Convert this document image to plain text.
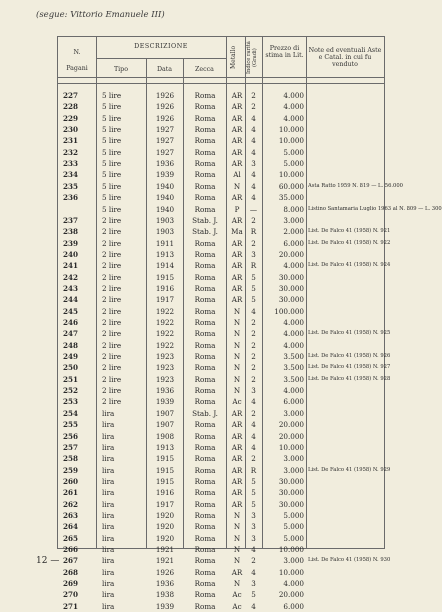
(segue: Vittorio Emanuele III)
N.
Pagani
DESCRIZIONE
Tipo	Data	Zecca
Metallo	Indice rarità (Gradi)	Prezzo di stima in Lit.
Note ed eventuali Aste e Catal. in cui fu venduto
227	5 lire	1926	Roma	AR	2	4.000
228	5 lire	1926	Roma	AR	2	4.000
229	5 lire	1926	Roma	AR	4	4.000
230	5 lire	1927	Roma	AR	4	10.000
231	5 lire	1927	Roma	AR	4	10.000
232	5 lire	1927	Roma	AR	4	5.000
233	5 lire	1936	Roma	AR	3	5.000
234	5 lire	1939	Roma	Al	4	10.000
235	5 lire	1940	Roma	N	4	60.000 Asta Ratto 1959 N. 819 — L. 56.000
236	5 lire	1940	Roma	AR	4	35.000
5 lire	1940	Roma	P	—	8.000 Listino Santamaria Luglio 1963 al N. 809 — L. 300
237	2 lire	1903	Stab. J.	AR	2	3.000
238	2 lire	1903	Stab. J.	Ma	R	2.000 List. De Falco 41 (1958) N. 921
239	2 lire	1911	Roma	AR	2	6.000 List. De Falco 41 (1958) N. 922
240	2 lire	1913	Roma	AR	3	20.000
241	2 lire	1914	Roma	AR	R	4.000 List. De Falco 41 (1958) N. 924
242	2 lire	1915	Roma	AR	5	30.000
243	2 lire	1916	Roma	AR	5	30.000
244	2 lire	1917	Roma	AR	5	30.000
245	2 lire	1922	Roma	N	4	100.000
246	2 lire	1922	Roma	N	2	4.000
247	2 lire	1922	Roma	N	2	4.000 List. De Falco 41 (1958) N. 925
248	2 lire	1922	Roma	N	2	4.000
249	2 lire	1923	Roma	N	2	3.500 List. De Falco 41 (1958) N. 926
250	2 lire	1923	Roma	N	2	3.500 List. De Falco 41 (1958) N. 927
251	2 lire	1923	Roma	N	2	3.500 List. De Falco 41 (1958) N. 928
252	2 lire	1936	Roma	N	3	4.000
253	2 lire	1939	Roma	Ac	4	6.000
254	lira	1907	Stab. J.	AR	2	3.000
255	lira	1907	Roma	AR	4	20.000
256	lira	1908	Roma	AR	4	20.000
257	lira	1913	Roma	AR	4	10.000
258	lira	1915	Roma	AR	2	3.000
259	lira	1915	Roma	AR	R	3.000 List. De Falco 41 (1958) N. 929
260	lira	1915	Roma	AR	5	30.000
261	lira	1916	Roma	AR	5	30.000
262	lira	1917	Roma	AR	5	30.000
263	lira	1920	Roma	N	3	5.000
264	lira	1920	Roma	N	3	5.000
265	lira	1920	Roma	N	3	5.000
266	lira	1921	Roma	N	4	10.000
267	lira	1921	Roma	N	2	3.000 List. De Falco 41 (1958) N. 930
268	lira	1926	Roma	AR	4	10.000
269	lira	1936	Roma	N	3	4.000
270	lira	1938	Roma	Ac	5	20.000
271	lira	1939	Roma	Ac	4	6.000
12 —
